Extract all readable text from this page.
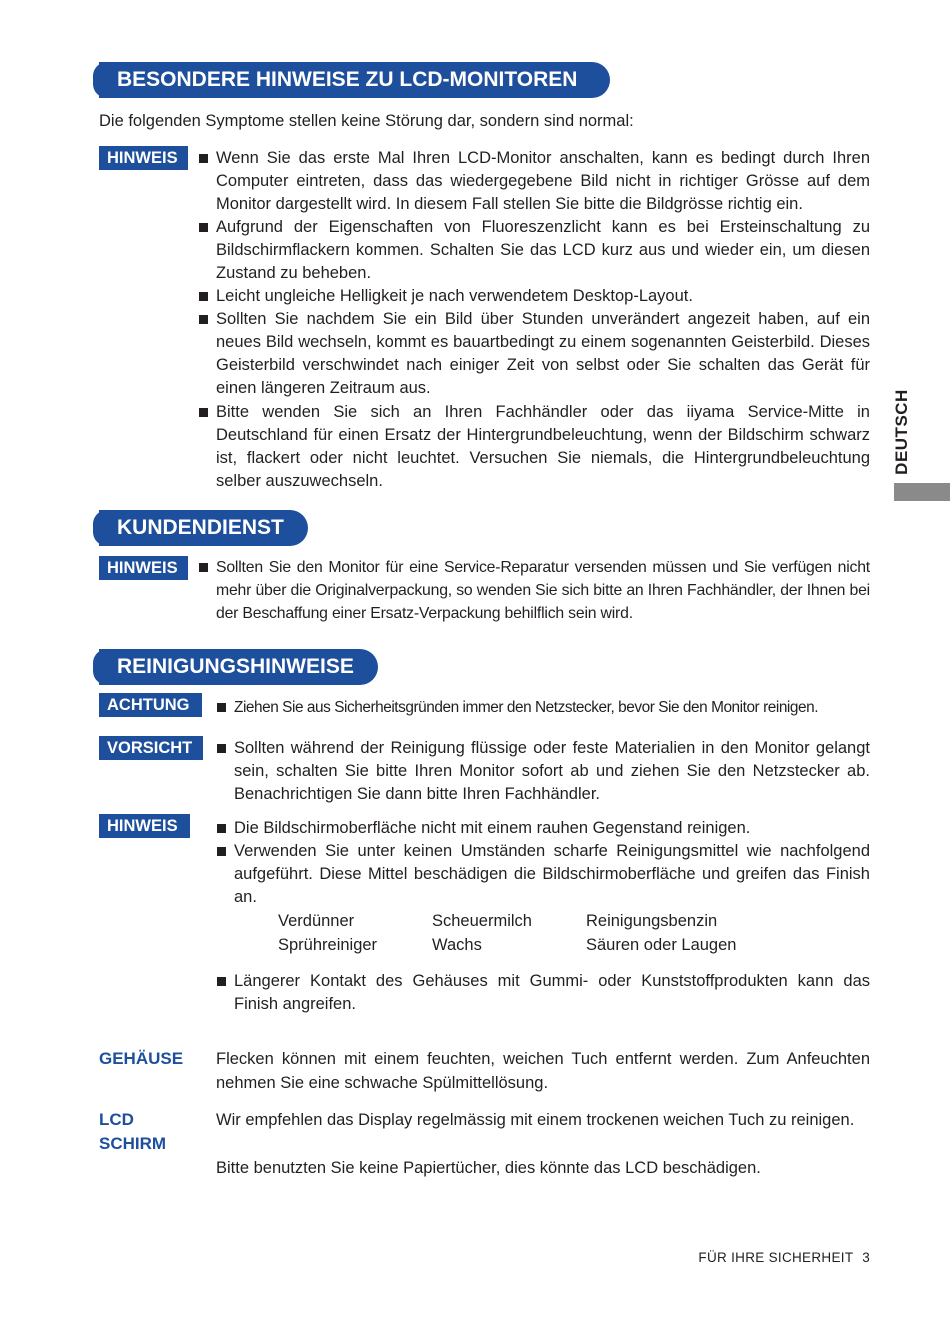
BESONDERE HINWEISE ZU LCD-MONITOREN
Die folgenden Symptome stellen keine Störung dar, sondern sind normal:
HINWEIS	Wenn Sie das erste Mal Ihren LCD-Monitor anschalten, kann es bedingt durch Ihren Computer eintreten, dass das wiedergegebene Bild nicht in richtiger Grösse auf dem Monitor dargestellt wird. In diesem Fall stellen Sie bitte die Bildgrösse richtig ein.
Aufgrund der Eigenschaften von Fluoreszenzlicht kann es bei Ersteinschaltung zu Bildschirmflackern kommen. Schalten Sie das LCD kurz aus und wieder ein, um diesen Zustand zu beheben.
Leicht ungleiche Helligkeit je nach verwendetem Desktop-Layout.
Sollten Sie nachdem Sie ein Bild über Stunden unverändert angezeit haben, auf ein neues Bild wechseln, kommt es bauartbedingt zu einem sogenannten Geisterbild. Dieses Geisterbild verschwindet nach einiger Zeit von selbst oder Sie schalten das Gerät für einen längeren Zeitraum aus.
Bitte wenden Sie sich an Ihren Fachhändler oder das iiyama Service-Mitte in Deutschland für einen Ersatz der Hintergrundbeleuchtung, wenn der Bildschirm schwarz ist, flackert oder nicht leuchtet. Versuchen Sie niemals, die Hintergrundbeleuchtung selber auszuwechseln.
KUNDENDIENST
HINWEIS	Sollten Sie den Monitor für eine Service-Reparatur versenden müssen und Sie verfügen nicht mehr über die Originalverpackung, so wenden Sie sich bitte an Ihren Fachhändler, der Ihnen bei der Beschaffung einer Ersatz-Verpackung behilflich sein wird.
REINIGUNGSHINWEISE
ACHTUNG	Ziehen Sie aus Sicherheitsgründen immer den Netzstecker, bevor Sie den Monitor reinigen.
VORSICHT	Sollten während der Reinigung flüssige oder feste Materialien in den Monitor gelangt sein, schalten Sie bitte Ihren Monitor sofort ab und ziehen Sie den Netzstecker ab. Benachrichtigen Sie dann bitte Ihren Fachhändler.
HINWEIS	Die Bildschirmoberfläche nicht mit einem rauhen Gegenstand reinigen.
Verwenden Sie unter keinen Umständen scharfe Reinigungsmittel wie nachfolgend aufgeführt. Diese Mittel beschädigen die Bildschirmoberfläche und greifen das Finish an.
Verdünner	Scheuermilch	Reinigungsbenzin
Sprühreiniger	Wachs	Säuren oder Laugen
Längerer Kontakt des Gehäuses mit Gummi- oder Kunststoffprodukten kann das Finish angreifen.
GEHÄUSE Flecken können mit einem feuchten, weichen Tuch entfernt werden. Zum Anfeuchten nehmen Sie eine schwache Spülmittellösung.
LCD
SCHIRM
Wir empfehlen das Display regelmässig mit einem trockenen weichen Tuch zu reinigen.
Bitte benutzten Sie keine Papiertücher, dies könnte das LCD beschädigen.
DEUTSCH
FÜR IHRE SICHERHEIT 3
